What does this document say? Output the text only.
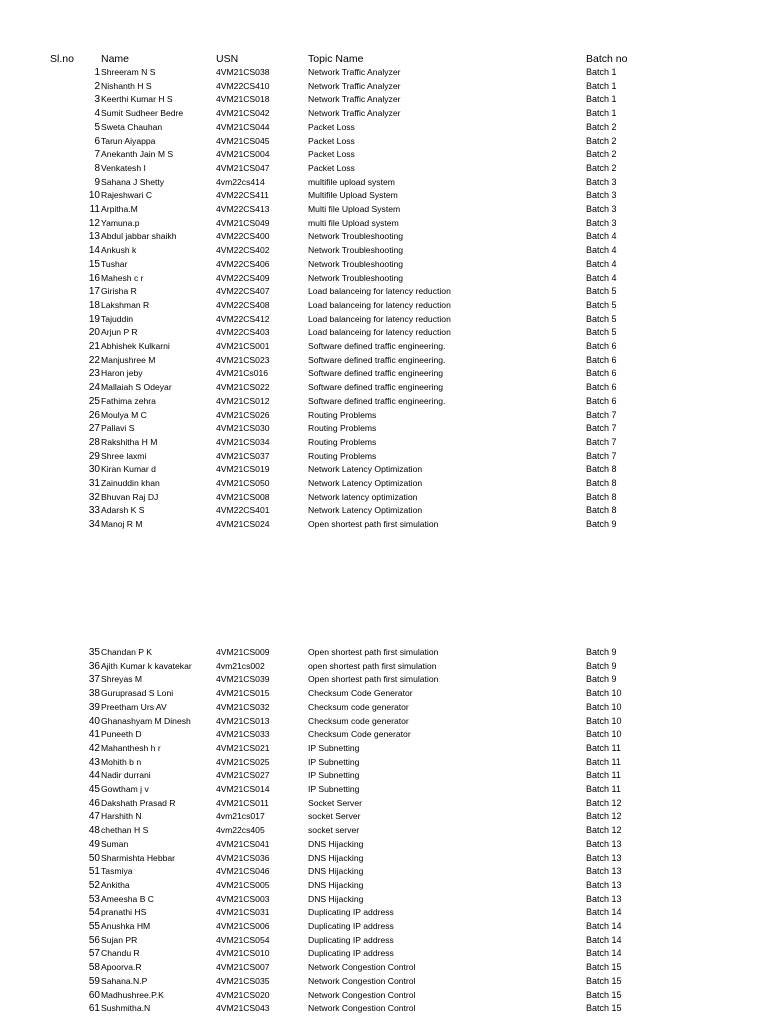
Sl.no	Name	USN	Topic Name	Batch no
1 Shreeram N S	4VM21CS038	Network Traffic Analyzer	Batch 1
2 Nishanth H S	4VM22CS410	Network Traffic Analyzer	Batch 1
3 Keerthi Kumar H S	4VM21CS018	Network Traffic Analyzer	Batch 1
4 Sumit Sudheer Bedre	4VM21CS042	Network Traffic Analyzer	Batch 1
5 Sweta Chauhan	4VM21CS044	Packet Loss	Batch 2
6 Tarun Aiyappa	4VM21CS045	Packet Loss	Batch 2
7 Anekanth Jain M S	4VM21CS004	Packet Loss	Batch 2
8 Venkatesh I	4VM21CS047	Packet Loss	Batch 2
9 Sahana J Shetty	4vm22cs414	multifile upload system	Batch 3
10 Rajeshwari C	4VM22CS411	Multifile Upload System	Batch 3
11 Arpitha.M	4VM22CS413	Multi file Upload System	Batch 3
12 Yamuna.p	4VM21CS049	multi file Upload system	Batch 3
13 Abdul jabbar shaikh	4VM22CS400	Network Troubleshooting	Batch 4
14 Ankush k	4VM22CS402	Network Troubleshooting	Batch 4
15 Tushar	4VM22CS406	Network Troubleshooting	Batch 4
16 Mahesh c r	4VM22CS409	Network Troubleshooting	Batch 4
17 Girisha R	4VM22CS407	Load balanceing for latency reduction	Batch 5
18 Lakshman R	4VM22CS408	Load balanceing for latency reduction	Batch 5
19 Tajuddin	4VM22CS412	Load balanceing for latency reduction	Batch 5
20 Arjun P R	4VM22CS403	Load balanceing for latency reduction	Batch 5
21 Abhishek Kulkarni	4VM21CS001	Software defined traffic engineering.	Batch 6
22 Manjushree M	4VM21CS023	Software defined traffic engineering.	Batch 6
23 Haron jeby	4VM21Cs016	Software defined traffic engineering	Batch 6
24 Mallaiah S Odeyar	4VM21CS022	Software defined traffic engineering	Batch 6
25 Fathima zehra	4VM21CS012	Software defined traffic engineering.	Batch 6
26 Moulya M C	4VM21CS026	Routing Problems	Batch 7
27 Pallavi S	4VM21CS030	Routing Problems	Batch 7
28 Rakshitha H M	4VM21CS034	Routing Problems	Batch 7
29 Shree laxmi	4VM21CS037	Routing Problems	Batch 7
30 Kiran Kumar d	4VM21CS019	Network Latency Optimization	Batch 8
31 Zainuddin khan	4VM21CS050	Network Latency Optimization	Batch 8
32 Bhuvan Raj DJ	4VM21CS008	Network latency optimization	Batch 8
33 Adarsh K S	4VM22CS401	Network Latency Optimization	Batch 8
34 Manoj R M	4VM21CS024	Open shortest path first simulation	Batch 9
35 Chandan P K	4VM21CS009	Open shortest path first simulation	Batch 9
36 Ajith Kumar k kavatekar	4vm21cs002	open shortest path first simulation	Batch 9
37 Shreyas M	4VM21CS039	Open shortest path first simulation	Batch 9
38 Guruprasad S Loni	4VM21CS015	Checksum Code Generator	Batch 10
39 Preetham Urs AV	4VM21CS032	Checksum code generator	Batch 10
40 Ghanashyam M Dinesh	4VM21CS013	Checksum code generator	Batch 10
41 Puneeth D	4VM21CS033	Checksum Code generator	Batch 10
42 Mahanthesh h r	4VM21CS021	IP Subnetting	Batch 11
43 Mohith b n	4VM21CS025	IP Subnetting	Batch 11
44 Nadir durrani	4VM21CS027	IP Subnetting	Batch 11
45 Gowtham j v	4VM21CS014	IP Subnetting	Batch 11
46 Dakshath Prasad R	4VM21CS011	Socket Server	Batch 12
47 Harshith N	4vm21cs017	socket Server	Batch 12
48 chethan H S	4vm22cs405	socket server	Batch 12
49 Suman	4VM21CS041	DNS Hijacking	Batch 13
50 Sharmishta Hebbar	4VM21CS036	DNS Hijacking	Batch 13
51 Tasmiya	4VM21CS046	DNS Hijacking	Batch 13
52 Ankitha	4VM21CS005	DNS Hijacking	Batch 13
53 Ameesha B C	4VM21CS003	DNS Hijacking	Batch 13
54 pranathi HS	4VM21CS031	Duplicating IP address	Batch 14
55 Anushka HM	4VM21CS006	Duplicating IP address	Batch 14
56 Sujan PR	4VM21CS054	Duplicating IP address	Batch 14
57 Chandu R	4VM21CS010	Duplicating IP address	Batch 14
58 Apoorva.R	4VM21CS007	Network Congestion Control	Batch 15
59 Sahana.N.P	4VM21CS035	Network Congestion Control	Batch 15
60 Madhushree.P.K	4VM21CS020	Network Congestion Control	Batch 15
61 Sushmitha.N	4VM21CS043	Network Congestion Control	Batch 15
